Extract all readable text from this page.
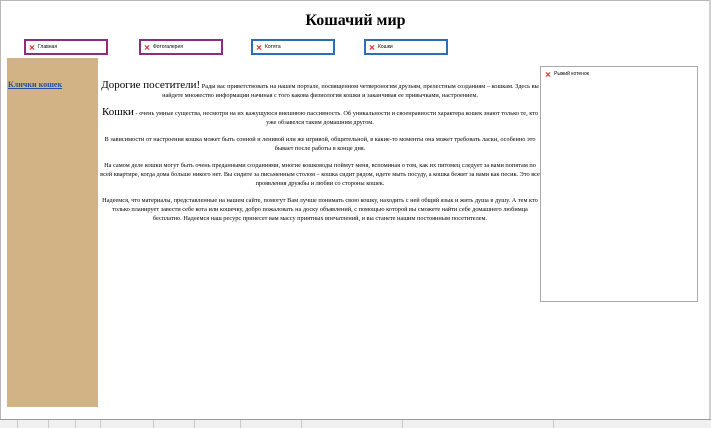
Кошачий мир
Главная	Фотогалерея	Котята	Кошки
Клички кошек	Дорогие посетители! Рады вас приветствовать на нашем портале, посвященном четвероногим друзьям, прелестным созданиям – кошкам. Здесь вы найдете множество информации начиная с того какова физиология кошки и заканчивая ее привычками, настроением.

Кошки - очень умные существа, несмотря на их кажущуюся внешнюю пассивность. Об уникальности и своенравности характера кошек знают только те, кто уже обзавелся таким домашним другом.

В зависимости от настроения кошка может быть сонной и ленивой или же игривой, общительной, в какие-то моменты она может требовать ласки, особенно это бывает после работы в конце дня.

На самом деле кошки могут быть очень преданными созданиями, многие кошководы поймут меня, вспоминая о том, как их питомец следует за вами попятам по всей квартире, когда дома больше никого нет. Вы сидите за письменным столом – кошка сидит рядом, идете мыть посуду, а кошка бежит за вами как песик. Это все проявления дружбы и любви со стороны кошек.

Надеемся, что материалы, представленные на нашем сайте, помогут Вам лучше понимать свою кошку, находить с ней общий язык и жить душа в душу. А тем кто только планирует завести себе кота или кошечку, добро пожаловать на доску объявлений, с помощью которой вы сможете найти себе домашнего любимца бесплатно. Надеемся наш ресурс принесет вам массу приятных впечатлений, и вы станете нашим постоянным посетителем.

Рыжий котенок
